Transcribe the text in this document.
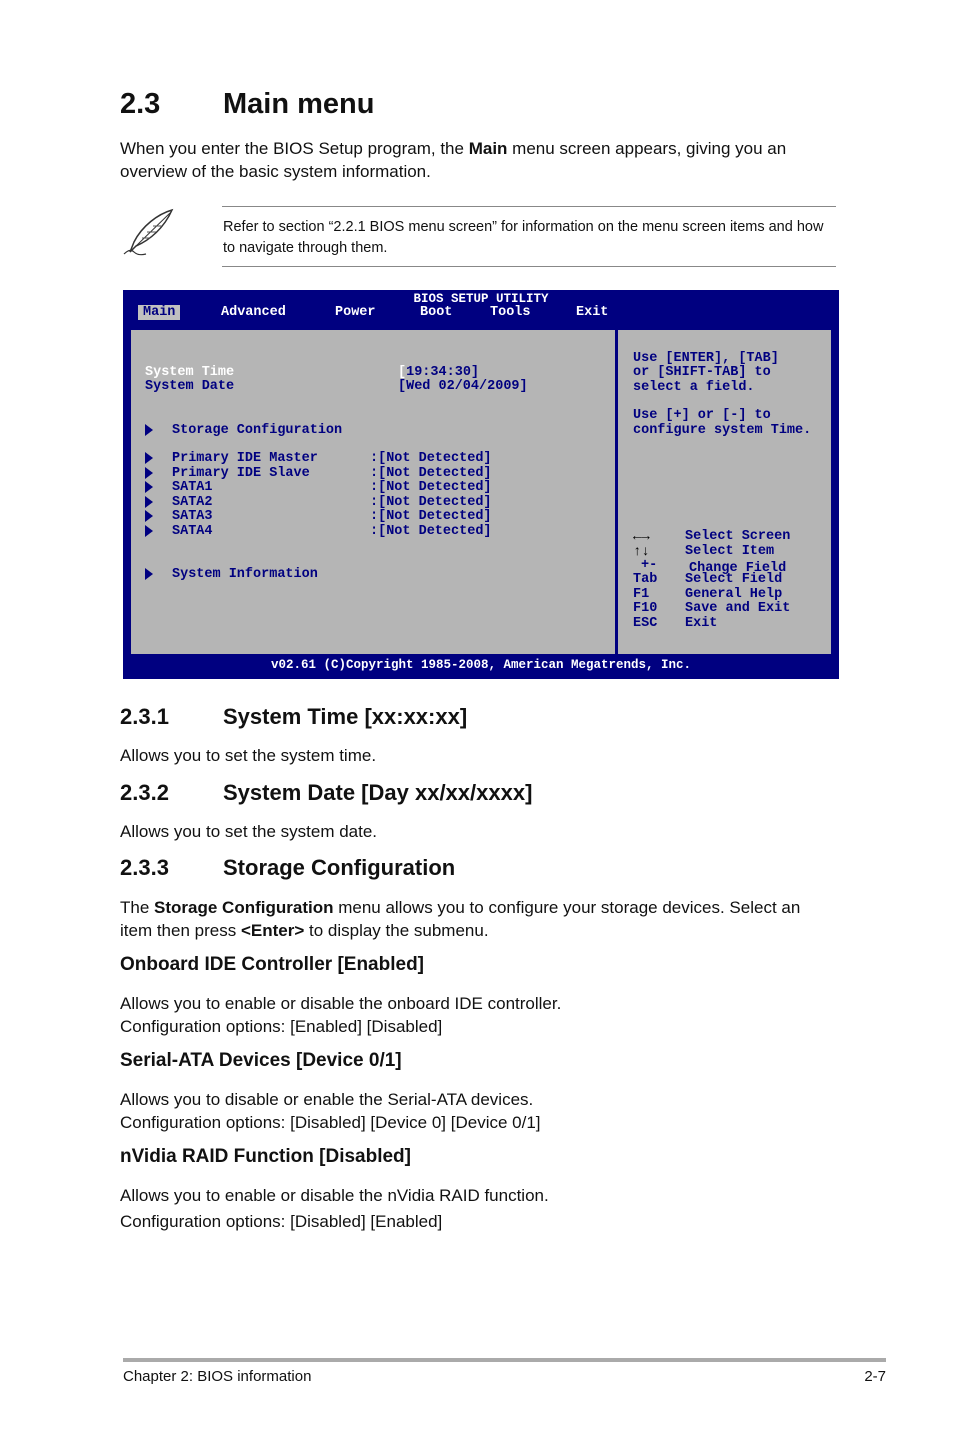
2.3 Main menu

When you enter the BIOS Setup program, the Main menu screen appears, giving you an overview of the basic system information.

Refer to section “2.2.1 BIOS menu screen” for information on the menu screen items and how to navigate through them.
BIOS SETUP UTILITY
Main	Advanced	Power	Boot	Tools	Exit
System Time	[19:34:30]
System Date	[Wed 02/04/2009]
Storage Configuration
Primary IDE Master	:[Not Detected]
Primary IDE Slave	:[Not Detected]
SATA1	:[Not Detected]
SATA2	:[Not Detected]
SATA3	:[Not Detected]
SATA4	:[Not Detected]
System Information
Use [ENTER], [TAB]
or [SHIFT-TAB] to
select a field.
Use [+] or [-] to
configure system Time.
←→	Select Screen
↑↓	Select Item
+- Change Field
Tab Select Field
F1	General Help
F10 Save and Exit
ESC Exit
v02.61 (C)Copyright 1985-2008, American Megatrends, Inc.
2.3.1 System Time [xx:xx:xx]

Allows you to set the system time.

2.3.2 System Date [Day xx/xx/xxxx]

Allows you to set the system date.

2.3.3 Storage Configuration

The Storage Configuration menu allows you to configure your storage devices. Select an item then press <Enter> to display the submenu.

Onboard IDE Controller [Enabled]

Allows you to enable or disable the onboard IDE controller.

Configuration options: [Enabled] [Disabled]

Serial-ATA Devices [Device 0/1]

Allows you to disable or enable the Serial-ATA devices.

Configuration options: [Disabled] [Device 0] [Device 0/1]

nVidia RAID Function [Disabled]

Allows you to enable or disable the nVidia RAID function.

Configuration options: [Disabled] [Enabled]

Chapter 2: BIOS information	2-7
